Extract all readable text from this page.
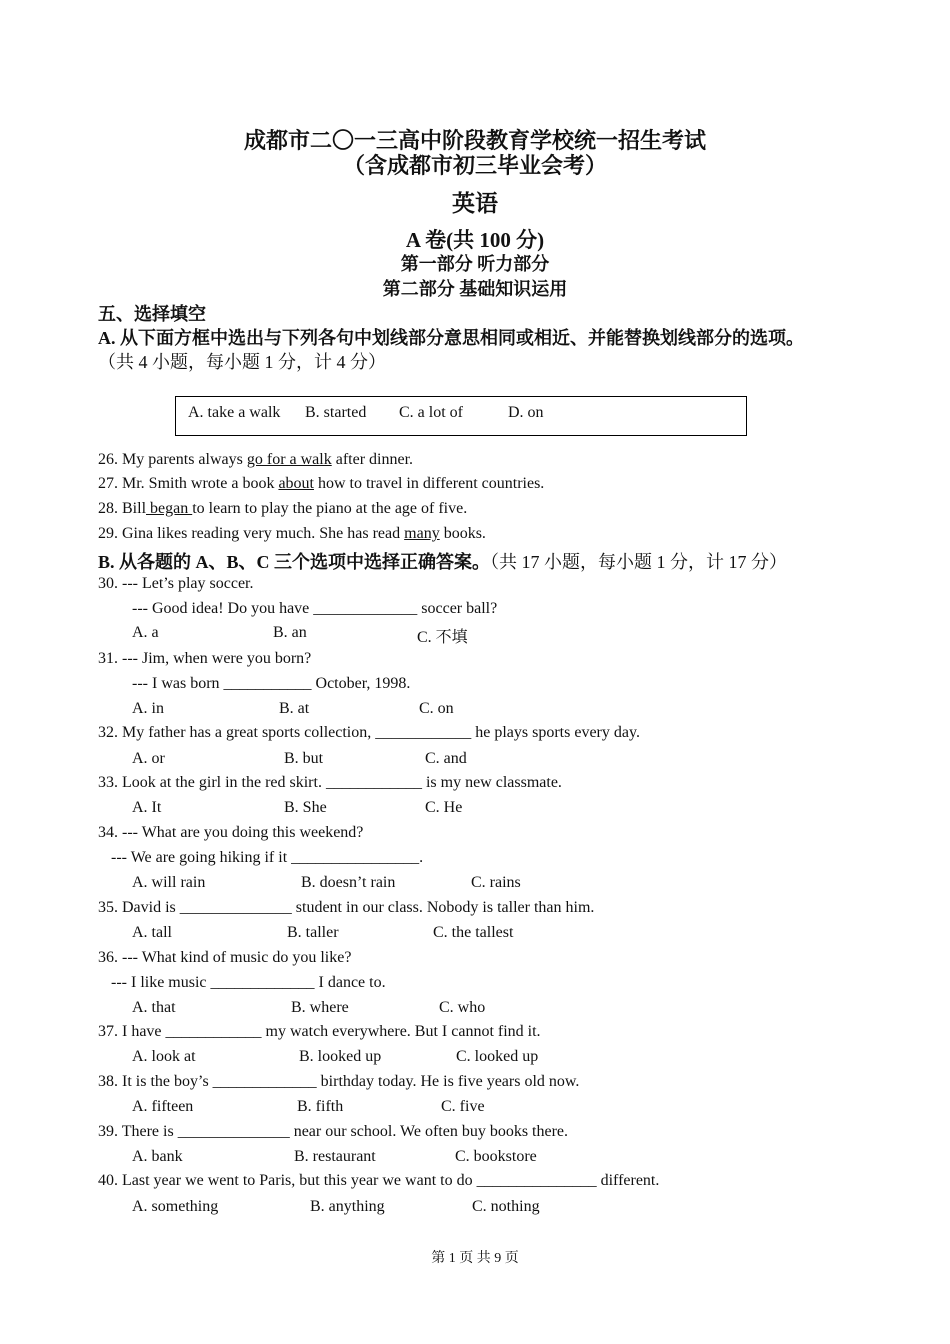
成都市二〇一三高中阶段教育学校统一招生考试
（含成都市初三毕业会考）
英语
A 卷(共 100 分)
第一部分 听力部分
第二部分 基础知识运用
五、选择填空
A. 从下面方框中选出与下列各句中划线部分意思相同或相近、并能替换划线部分的选项。
（共 4 小题，每小题 1 分，计 4 分）
A. take a walk B. started C. a lot of	D. on
26. My parents always go for a walk after dinner.
27. Mr. Smith wrote a book about how to travel in different countries.
28. Bill began to learn to play the piano at the age of five.
29. Gina likes reading very much. She has read many books.
B. 从各题的 A、B、C 三个选项中选择正确答案。（共 17 小题，每小题 1 分，计 17 分）
30. --- Let’s play soccer.
--- Good idea! Do you have _____________ soccer ball?
A. a	B. an	C. 不填
31. --- Jim, when were you born?
--- I was born ___________ October, 1998.
A. in	B. at	C. on
32. My father has a great sports collection, ____________ he plays sports every day.
A. or	B. but	C. and
33. Look at the girl in the red skirt. ____________ is my new classmate.
A. It	B. She	C. He
34. --- What are you doing this weekend?
--- We are going hiking if it ________________.
A. will rain	B. doesn’t rain	C. rains
35. David is ______________ student in our class. Nobody is taller than him.
A. tall	B. taller	C. the tallest
36. --- What kind of music do you like?
--- I like music _____________ I dance to.
A. that	B. where	C. who
37. I have ____________ my watch everywhere. But I cannot find it.
A. look at	B. looked up	C. looked up
38. It is the boy’s _____________ birthday today. He is five years old now.
A. fifteen	B. fifth	C. five
39. There is ______________ near our school. We often buy books there.
A. bank	B. restaurant	C. bookstore
40. Last year we went to Paris, but this year we want to do _______________ different.
A. something	B. anything	C. nothing
第 1 页 共 9 页
